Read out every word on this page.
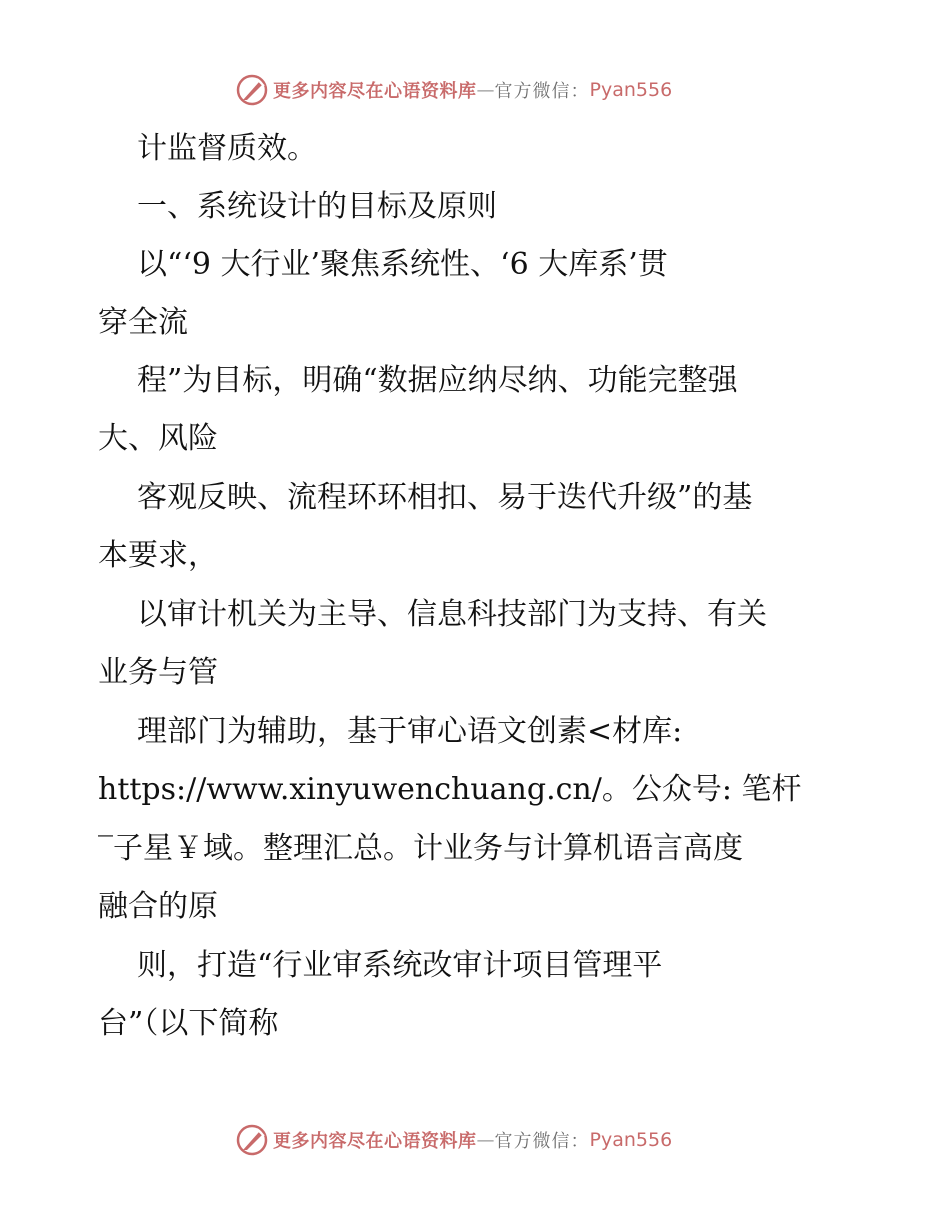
更多内容尽在心语资料库 — 官方微信： Pyan556
计监督质效。
一、系统设计的目标及原则
以“‘9 大行业’聚焦系统性、‘6 大库系’贯
穿全流
程”为目标，明确“数据应纳尽纳、功能完整强
大、风险
客观反映、流程环环相扣、易于迭代升级”的基
本要求，
以审计机关为主导、信息科技部门为支持、有关
业务与管
理部门为辅助，基于审心语文创素<材库:
https://www.xinyuwenchuang.cn/。公众号: 笔杆
‾子星￥域。整理汇总。计业务与计算机语言高度
融合的原
则，打造“行业审系统改审计项目管理平
台”（以下简称
更多内容尽在心语资料库 — 官方微信： Pyan556
